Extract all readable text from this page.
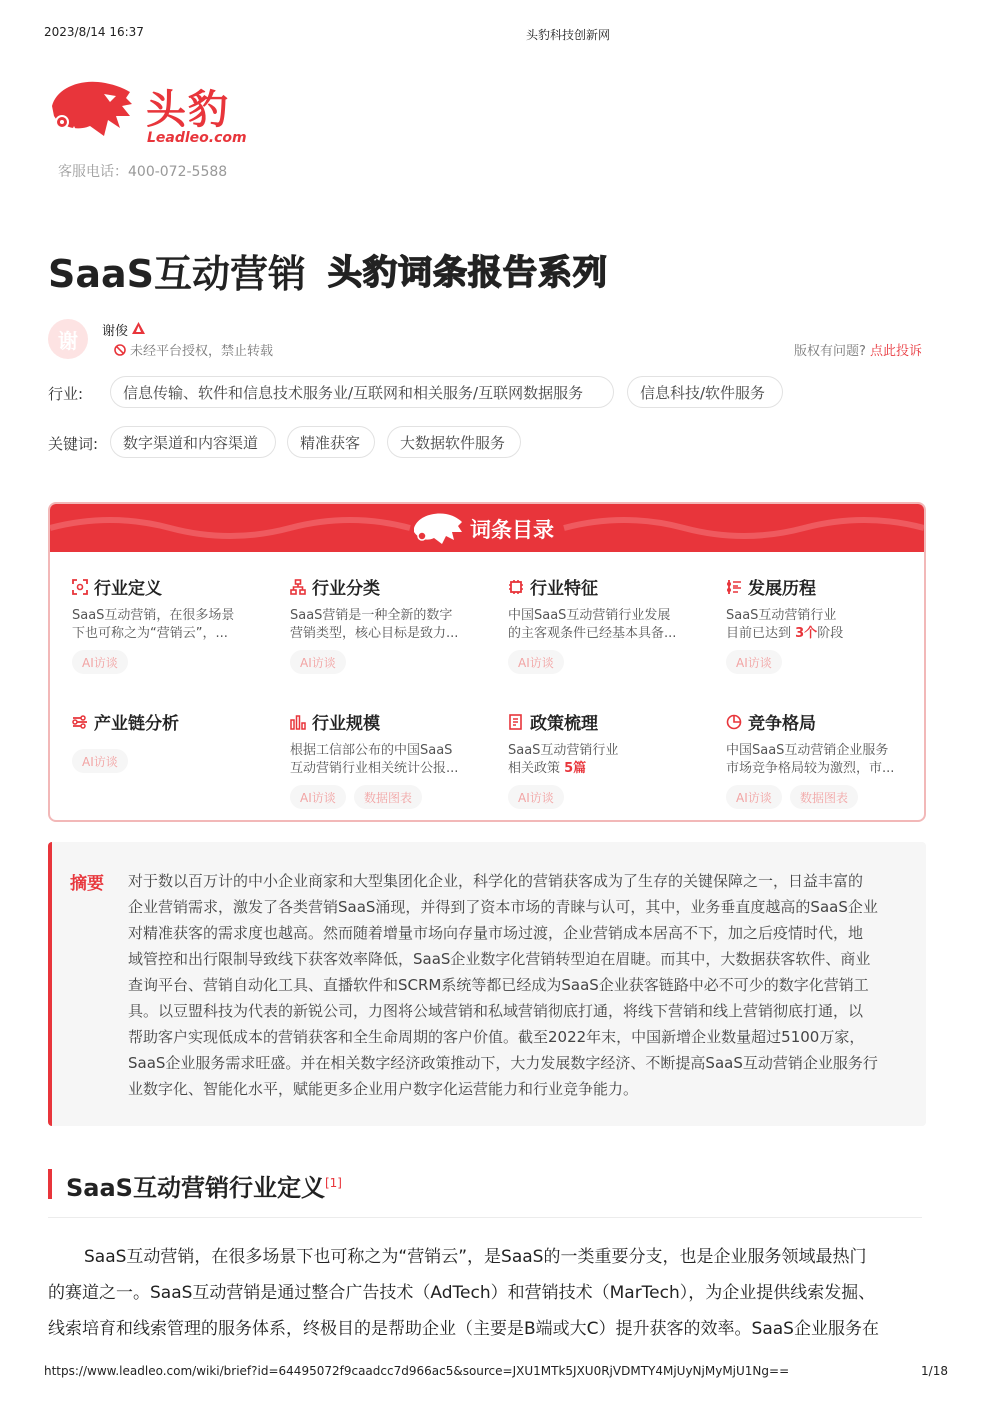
2023/8/14 16:37	头豹科技创新网
头豹
Leadleo.com
客服电话：400-072-5588
SaaS互动营销 头豹词条报告系列
谢	谢俊
未经平台授权，禁止转载	版权有问题? 点此投诉
行业:	信息传输、软件和信息技术服务业/互联网和相关服务/互联网数据服务	信息科技/软件服务
关键词:	数字渠道和内容渠道	精准获客	大数据软件服务
词条目录
行业定义
SaaS互动营销，在很多场景
下也可称之为“营销云”，...
AI访谈
行业分类
SaaS营销是一种全新的数字
营销类型，核心目标是致力...
AI访谈
行业特征
中国SaaS互动营销行业发展
的主客观条件已经基本具备...
AI访谈
发展历程
SaaS互动营销行业
目前已达到 3个阶段
AI访谈
产业链分析
AI访谈
行业规模
根据工信部公布的中国SaaS
互动营销行业相关统计公报...
AI访谈	数据图表
政策梳理
SaaS互动营销行业
相关政策 5篇
AI访谈
竞争格局
中国SaaS互动营销企业服务
市场竞争格局较为激烈，市...
AI访谈	数据图表
摘要 对于数以百万计的中小企业商家和大型集团化企业，科学化的营销获客成为了生存的关键保障之一，日益丰富的
企业营销需求，激发了各类营销SaaS涌现，并得到了资本市场的青睐与认可，其中，业务垂直度越高的SaaS企业
对精准获客的需求度也越高。然而随着增量市场向存量市场过渡，企业营销成本居高不下，加之后疫情时代，地
域管控和出行限制导致线下获客效率降低，SaaS企业数字化营销转型迫在眉睫。而其中，大数据获客软件、商业
查询平台、营销自动化工具、直播软件和SCRM系统等都已经成为SaaS企业获客链路中必不可少的数字化营销工
具。以豆盟科技为代表的新锐公司，力图将公域营销和私域营销彻底打通，将线下营销和线上营销彻底打通，以
帮助客户实现低成本的营销获客和全生命周期的客户价值。截至2022年末，中国新增企业数量超过5100万家，
SaaS企业服务需求旺盛。并在相关数字经济政策推动下，大力发展数字经济、不断提高SaaS互动营销企业服务行
业数字化、智能化水平，赋能更多企业用户数字化运营能力和行业竞争能力。
SaaS互动营销行业定义[1]
SaaS互动营销，在很多场景下也可称之为“营销云”，是SaaS的一类重要分支，也是企业服务领域最热门
的赛道之一。SaaS互动营销是通过整合广告技术（AdTech）和营销技术（MarTech），为企业提供线索发掘、
线索培育和线索管理的服务体系，终极目的是帮助企业（主要是B端或大C）提升获客的效率。SaaS企业服务在
https://www.leadleo.com/wiki/brief?id=64495072f9caadcc7d966ac5&source=JXU1MTk5JXU0RjVDMTY4MjUyNjMyMjU1Ng==	1/18
